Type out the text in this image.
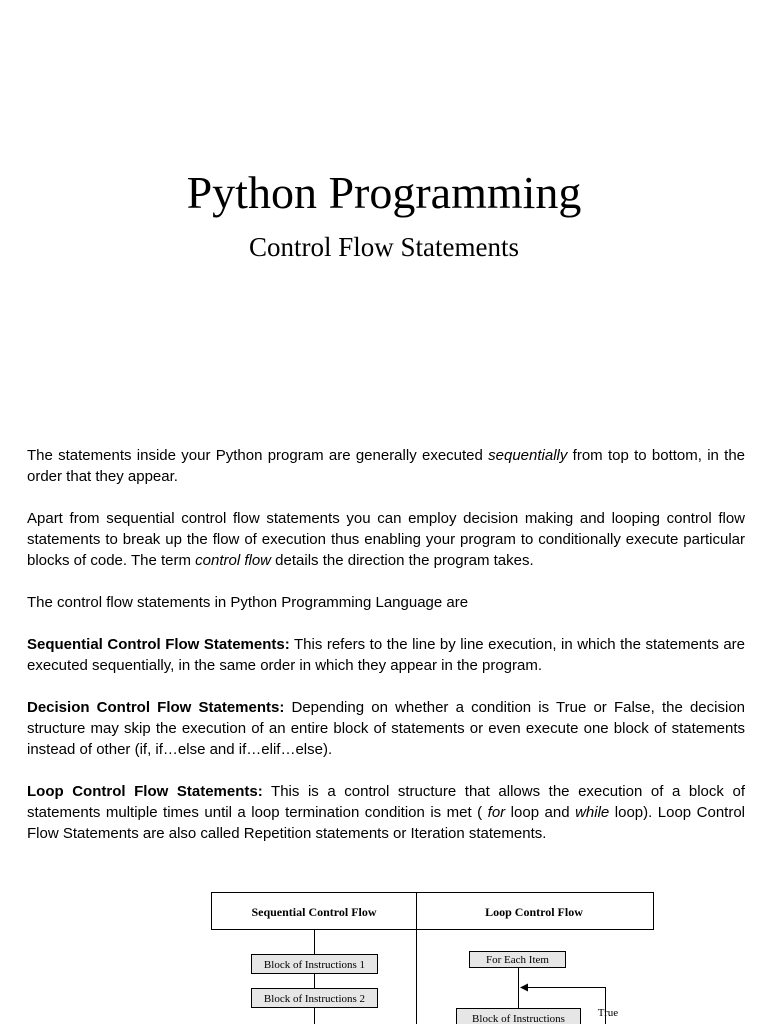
Python Programming
Control Flow Statements

The statements inside your Python program are generally executed sequentially from top to bottom, in the order that they appear.

Apart from sequential control flow statements you can employ decision making and looping control flow statements to break up the flow of execution thus enabling your program to conditionally execute particular blocks of code. The term control flow details the direction the program takes.

The control flow statements in Python Programming Language are

Sequential Control Flow Statements: This refers to the line by line execution, in which the statements are executed sequentially, in the same order in which they appear in the program.

Decision Control Flow Statements: Depending on whether a condition is True or False, the decision structure may skip the execution of an entire block of statements or even execute one block of statements instead of other (if, if…else and if…elif…else).

Loop Control Flow Statements: This is a control structure that allows the execution of a block of statements multiple times until a loop termination condition is met ( for loop and while loop). Loop Control Flow Statements are also called Repetition statements or Iteration statements.

Sequential Control Flow	Loop Control Flow
Block of Instructions 1
Block of Instructions 2
For Each Item
True
Block of Instructions
